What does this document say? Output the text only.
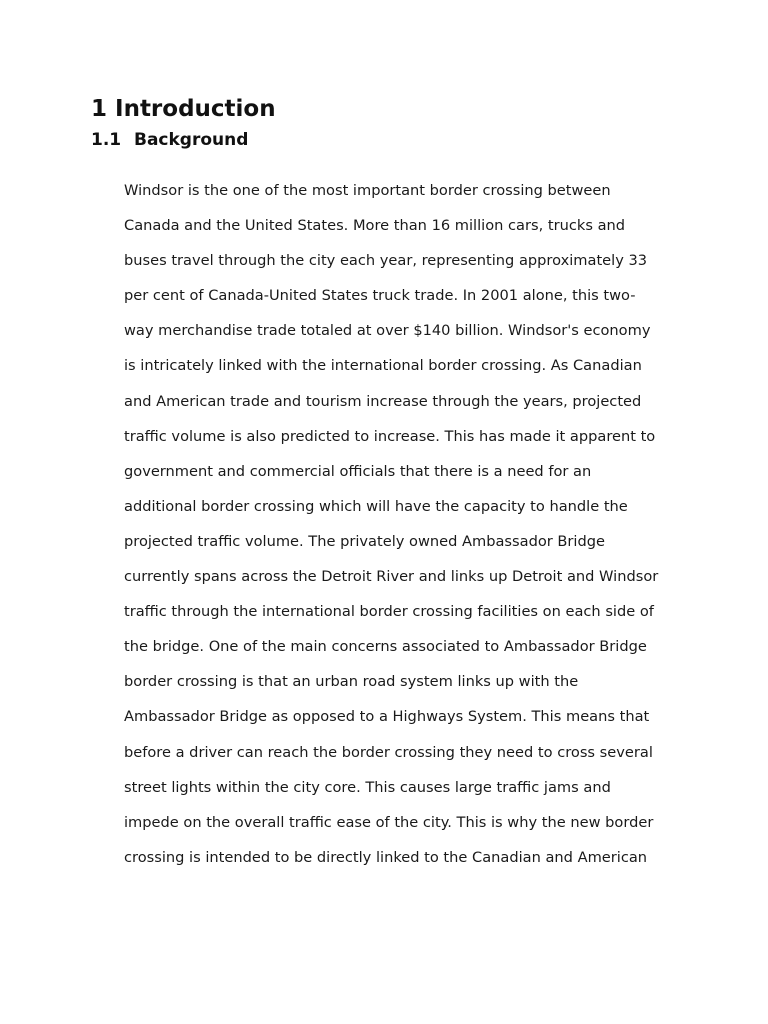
1 Introduction
1.1 Background
Windsor is the one of the most important border crossing between
Canada and the United States. More than 16 million cars, trucks and
buses travel through the city each year, representing approximately 33
per cent of Canada-United States truck trade. In 2001 alone, this two-
way merchandise trade totaled at over $140 billion. Windsor's economy
is intricately linked with the international border crossing. As Canadian
and American trade and tourism increase through the years, projected
traffic volume is also predicted to increase. This has made it apparent to
government and commercial officials that there is a need for an
additional border crossing which will have the capacity to handle the
projected traffic volume. The privately owned Ambassador Bridge
currently spans across the Detroit River and links up Detroit and Windsor
traffic through the international border crossing facilities on each side of
the bridge. One of the main concerns associated to Ambassador Bridge
border crossing is that an urban road system links up with the
Ambassador Bridge as opposed to a Highways System. This means that
before a driver can reach the border crossing they need to cross several
street lights within the city core. This causes large traffic jams and
impede on the overall traffic ease of the city. This is why the new border
crossing is intended to be directly linked to the Canadian and American
